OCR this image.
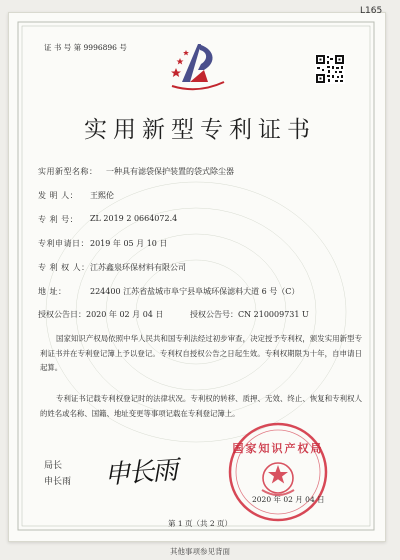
L165
证 书 号 第 9996896 号
实用新型专利证书
实用新型名称： 一种具有滤袋保护装置的袋式除尘器
发 明 人： 王熙伦
专 利 号： ZL 2019 2 0664072.4
专利申请日： 2019 年 05 月 10 日
专 利 权 人： 江苏鑫泉环保材料有限公司
地 址：	224400 江苏省盐城市阜宁县阜城环保滤料大道 6 号（C）
授权公告日：2020 年 02 月 04 日	授权公告号：CN 210009731 U
国家知识产权局依照中华人民共和国专利法经过初步审查，决定授予专利权，颁发实用新型专利证书并在专利登记簿上予以登记。专利权自授权公告之日起生效。专利权期限为十年，自申请日起算。
专利证书记载专利权登记时的法律状况。专利权的转移、质押、无效、终止、恢复和专利权人的姓名或名称、国籍、地址变更等事项记载在专利登记簿上。
国家知识产权局
2020 年 02 月 04 日
局长
申长雨 申长雨
第 1 页（共 2 页）
其他事项参见背面
